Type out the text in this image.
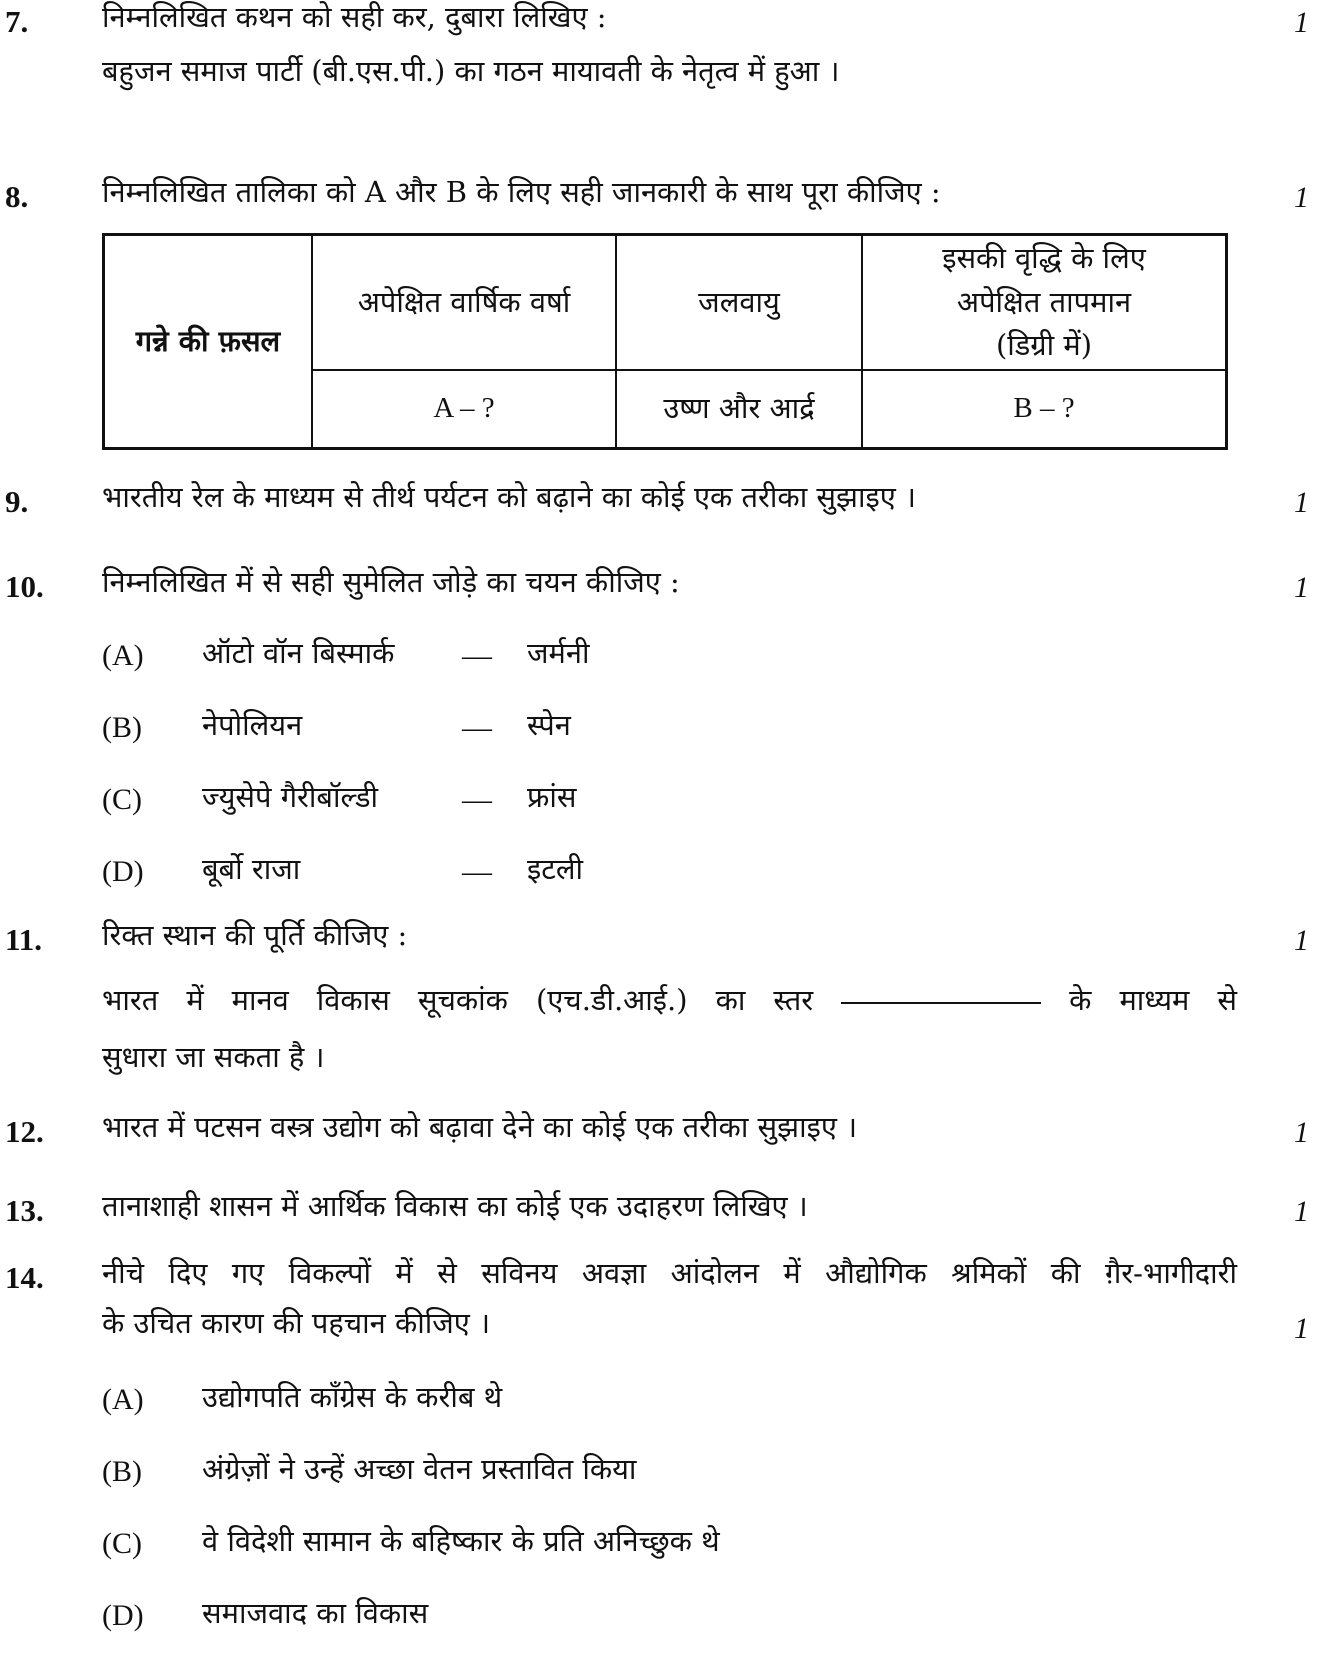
7.	निम्नलिखित कथन को सही कर, दुबारा लिखिए :	1
बहुजन समाज पार्टी (बी.एस.पी.) का गठन मायावती के नेतृत्व में हुआ ।
8.	निम्नलिखित तालिका को A और B के लिए सही जानकारी के साथ पूरा कीजिए :	1
गन्ने की फ़सल	अपेक्षित वार्षिक वर्षा	जलवायु	इसकी वृद्धि के लिए
अपेक्षित तापमान
(डिग्री में)

	A – ?	उष्ण और आर्द्र	B – ?
9.	भारतीय रेल के माध्यम से तीर्थ पर्यटन को बढ़ाने का कोई एक तरीका सुझाइए ।	1
10. निम्नलिखित में से सही सुमेलित जोड़े का चयन कीजिए :	1
(A) ऑटो वॉन बिस्मार्क — जर्मनी
(B) नेपोलियन	— स्पेन
(C) ज्युसेपे गैरीबॉल्डी	— फ्रांस
(D) बूर्बो राजा	— इटली
11. रिक्त स्थान की पूर्ति कीजिए :	1
भारत में मानव विकास सूचकांक (एच.डी.आई.) का स्तर	के माध्यम से
सुधारा जा सकता है ।
12. भारत में पटसन वस्त्र उद्योग को बढ़ावा देने का कोई एक तरीका सुझाइए ।	1
13. तानाशाही शासन में आर्थिक विकास का कोई एक उदाहरण लिखिए ।	1
14. नीचे दिए गए विकल्पों में से सविनय अवज्ञा आंदोलन में औद्योगिक श्रमिकों की ग़ैर-भागीदारी
के उचित कारण की पहचान कीजिए ।	1
(A) उद्योगपति काँग्रेस के करीब थे
(B) अंग्रेज़ों ने उन्हें अच्छा वेतन प्रस्तावित किया
(C) वे विदेशी सामान के बहिष्कार के प्रति अनिच्छुक थे
(D) समाजवाद का विकास
